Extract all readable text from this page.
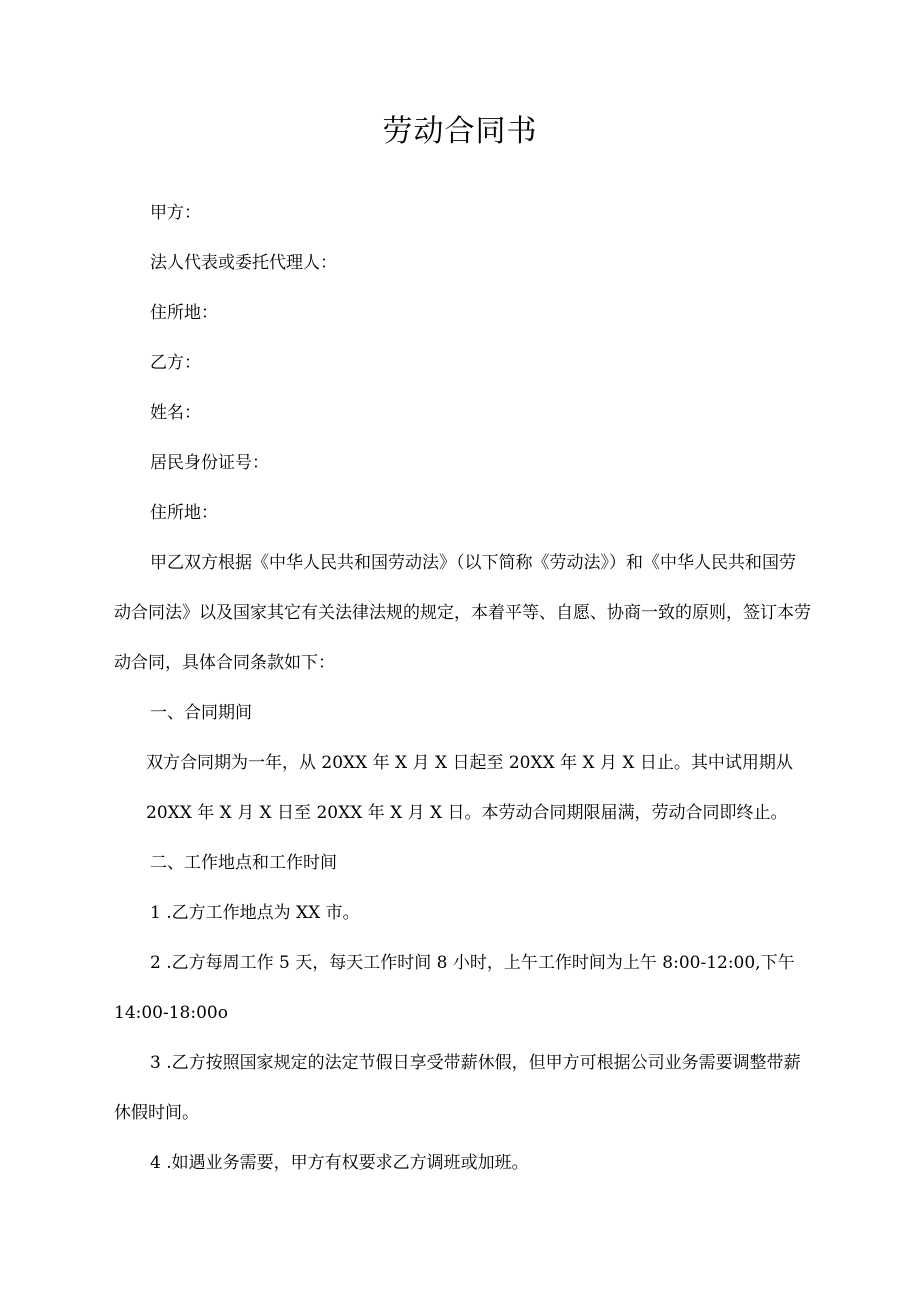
劳动合同书

甲方：

法人代表或委托代理人：

住所地：

乙方：

姓名：

居民身份证号：

住所地：

甲乙双方根据《中华人民共和国劳动法》（以下简称《劳动法》）和《中华人民共和国劳

动合同法》以及国家其它有关法律法规的规定，本着平等、自愿、协商一致的原则，签订本劳

动合同，具体合同条款如下：

一、合同期间

双方合同期为一年，从 20XX 年 X 月 X 日起至 20XX 年 X 月 X 日止。其中试用期从

20XX 年 X 月 X 日至 20XX 年 X 月 X 日。本劳动合同期限届满，劳动合同即终止。

二、工作地点和工作时间

1 .乙方工作地点为 XX 市。

2 .乙方每周工作 5 天，每天工作时间 8 小时，上午工作时间为上午 8:00-12:00,下午

14:00-18:00o

3 .乙方按照国家规定的法定节假日享受带薪休假，但甲方可根据公司业务需要调整带薪

休假时间。

4 .如遇业务需要，甲方有权要求乙方调班或加班。
